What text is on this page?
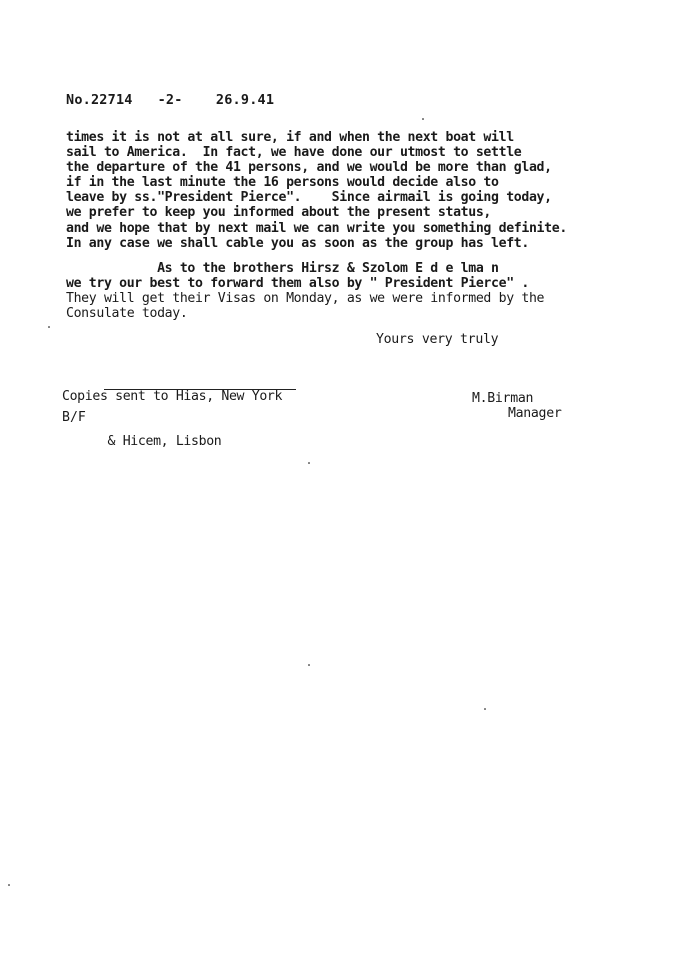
No.22714   -2-    26.9.41
times it is not at all sure, if and when the next boat will
sail to America.  In fact, we have done our utmost to settle
the departure of the 41 persons, and we would be more than glad,
if in the last minute the 16 persons would decide also to
leave by ss."President Pierce".    Since airmail is going today,
we prefer to keep you informed about the present status,
and we hope that by next mail we can write you something definite.
In any case we shall cable you as soon as the group has left.
As to the brothers Hirsz & Szolom E d e lma n
we try our best to forward them also by " President Pierce" .
They will get their Visas on Monday, as we were informed by the
Consulate today.
Yours very truly

Copies sent to Hias, New York

& Hicem, Lisbon

M.Birman
Manager
B/F
